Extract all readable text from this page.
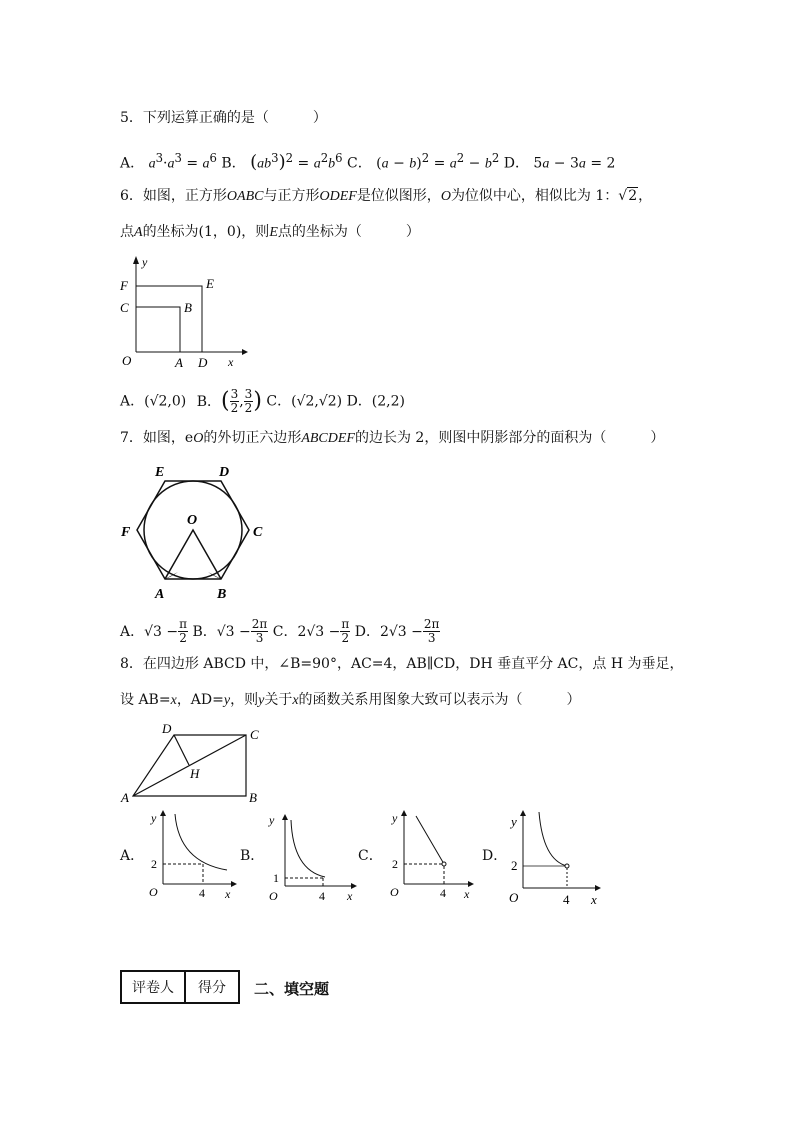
5．下列运算正确的是（	）
A． $a^3\cdot a^3 = a^6$ B． $(ab^3)^2 = a^2b^6$ C． $(a - b)^2 = a^2 - b^2$ D． 5a − 3a = 2
6．如图，正方形OABC与正方形ODEF是位似图形，O为位似中心，相似比为 1：√2，
点A的坐标为(1，0)，则E点的坐标为（	）
y
x
F	E
C	B
O	A D
A．(√2,0) B．( $\frac{3}{2}$ , $\frac{3}{2}$ ) C．(√2,√2) D．(2,2)
7．如图，eO的外切正六边形ABCDEF的边长为 2，则图中阴影部分的面积为（	）
E	D
F	C
O
A	B
A．$√3 - \frac{\pi}{2}$ B．$√3 - \frac{2\pi}{3}$ C．$2√3 - \frac{\pi}{2}$ D．$2√3 - \frac{2\pi}{3}$
8．在四边形 ABCD 中，∠B=90°，AC=4，AB∥CD，DH 垂直平分 AC，点 H 为垂足，
设 AB=x，AD=y，则y关于x的函数关系用图象大致可以表示为（	）
D	C
H
A	B
A．	B．	C．	D．
y
x
O
2
4
y
x
O
1
4
y
x
O
2
4
y
x
O
2
4
评卷人	得分 二、填空题
